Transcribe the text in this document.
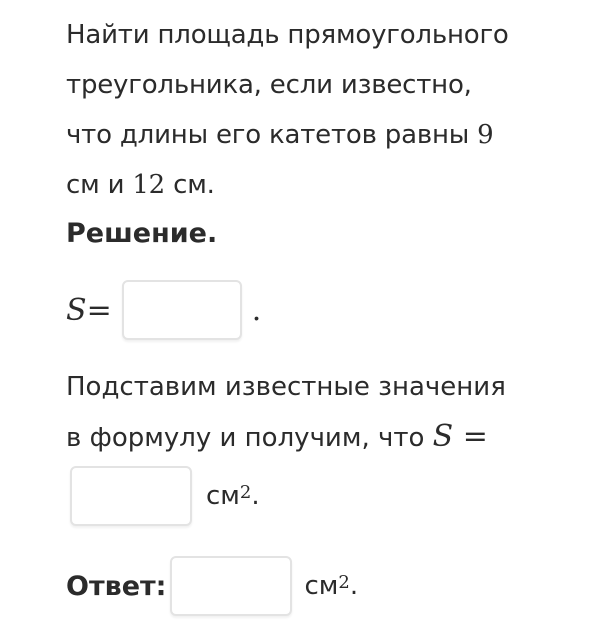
Найти площадь прямоугольного
треугольника, если известно,
что длины его катетов равны 9
см и 12 см.
Решение.
S =	.
Подставим известные значения
в формулу и получим, что S =
$см^2$ .
Ответ:	$см^2$ .
